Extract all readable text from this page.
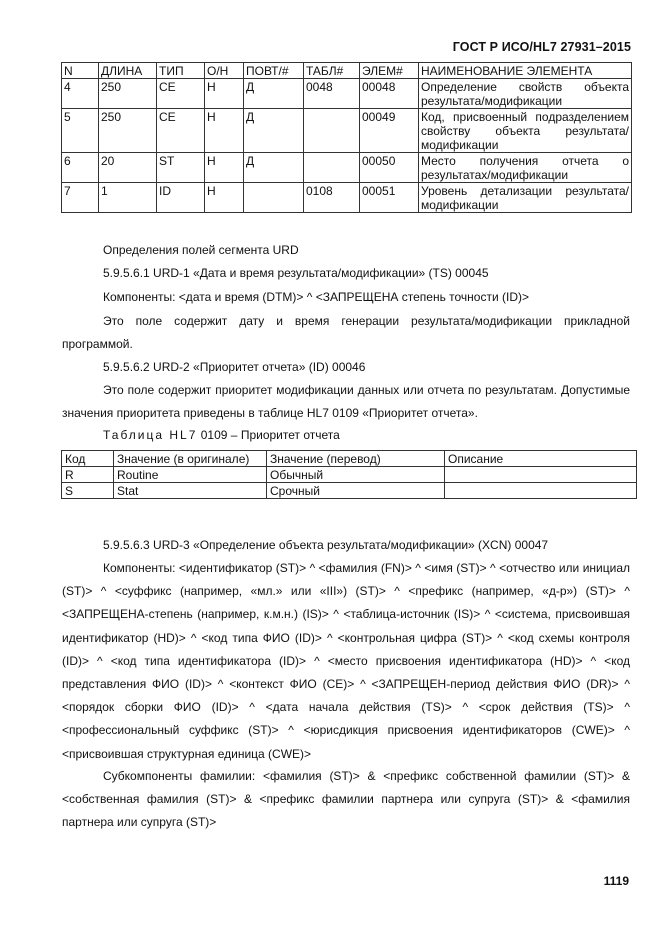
ГОСТ Р ИСО/HL7 27931–2015
N	ДЛИНА	ТИП	О/Н	ПОВТ/#	ТАБЛ#	ЭЛЕМ#	НАИМЕНОВАНИЕ ЭЛЕМЕНТА
4	250	CE	Н	Д	0048	00048	Определение свойств объекта результата/модификации
5	250	CE	Н	Д		00049	Код, присвоенный подразделением свойству объекта результата/модификации
6	20	ST	Н	Д		00050	Место получения отчета о результатах/модификации
7	1	ID	Н		0108	00051	Уровень детализации результата/модификации

Определения полей сегмента URD

5.9.5.6.1 URD-1 «Дата и время результата/модификации» (TS) 00045

Компоненты: <дата и время (DTM)> ^ <ЗАПРЕЩЕНА степень точности (ID)>

Это поле содержит дату и время генерации результата/модификации прикладной программой.

5.9.5.6.2 URD-2 «Приоритет отчета» (ID) 00046

Это поле содержит приоритет модификации данных или отчета по результатам. Допустимые значения приоритета приведены в таблице HL7 0109 «Приоритет отчета».

Таблица HL7 0109 – Приоритет отчета
Код	Значение (в оригинале)	Значение (перевод)	Описание
R	Routine	Обычный	
S	Stat	Срочный	

5.9.5.6.3 URD-3 «Определение объекта результата/модификации» (XCN) 00047

Компоненты: <идентификатор (ST)> ^ <фамилия (FN)> ^ <имя (ST)> ^ <отчество или инициал (ST)> ^ <суффикс (например, «мл.» или «III») (ST)> ^ <префикс (например, «д-р») (ST)> ^ <ЗАПРЕЩЕНА-степень (например, к.м.н.) (IS)> ^ <таблица-источник (IS)> ^ <система, присвоившая идентификатор (HD)> ^ <код типа ФИО (ID)> ^ <контрольная цифра (ST)> ^ <код схемы контроля (ID)> ^ <код типа идентификатора (ID)> ^ <место присвоения идентификатора (HD)> ^ <код представления ФИО (ID)> ^ <контекст ФИО (CE)> ^ <ЗАПРЕЩЕН-период действия ФИО (DR)> ^ <порядок сборки ФИО (ID)> ^ <дата начала действия (TS)> ^ <срок действия (TS)> ^ <профессиональный суффикс (ST)> ^ <юрисдикция присвоения идентификаторов (CWE)> ^ <присвоившая структурная единица (CWE)>

Субкомпоненты фамилии: <фамилия (ST)> & <префикс собственной фамилии (ST)> & <собственная фамилия (ST)> & <префикс фамилии партнера или супруга (ST)> & <фамилия партнера или супруга (ST)>

1119
